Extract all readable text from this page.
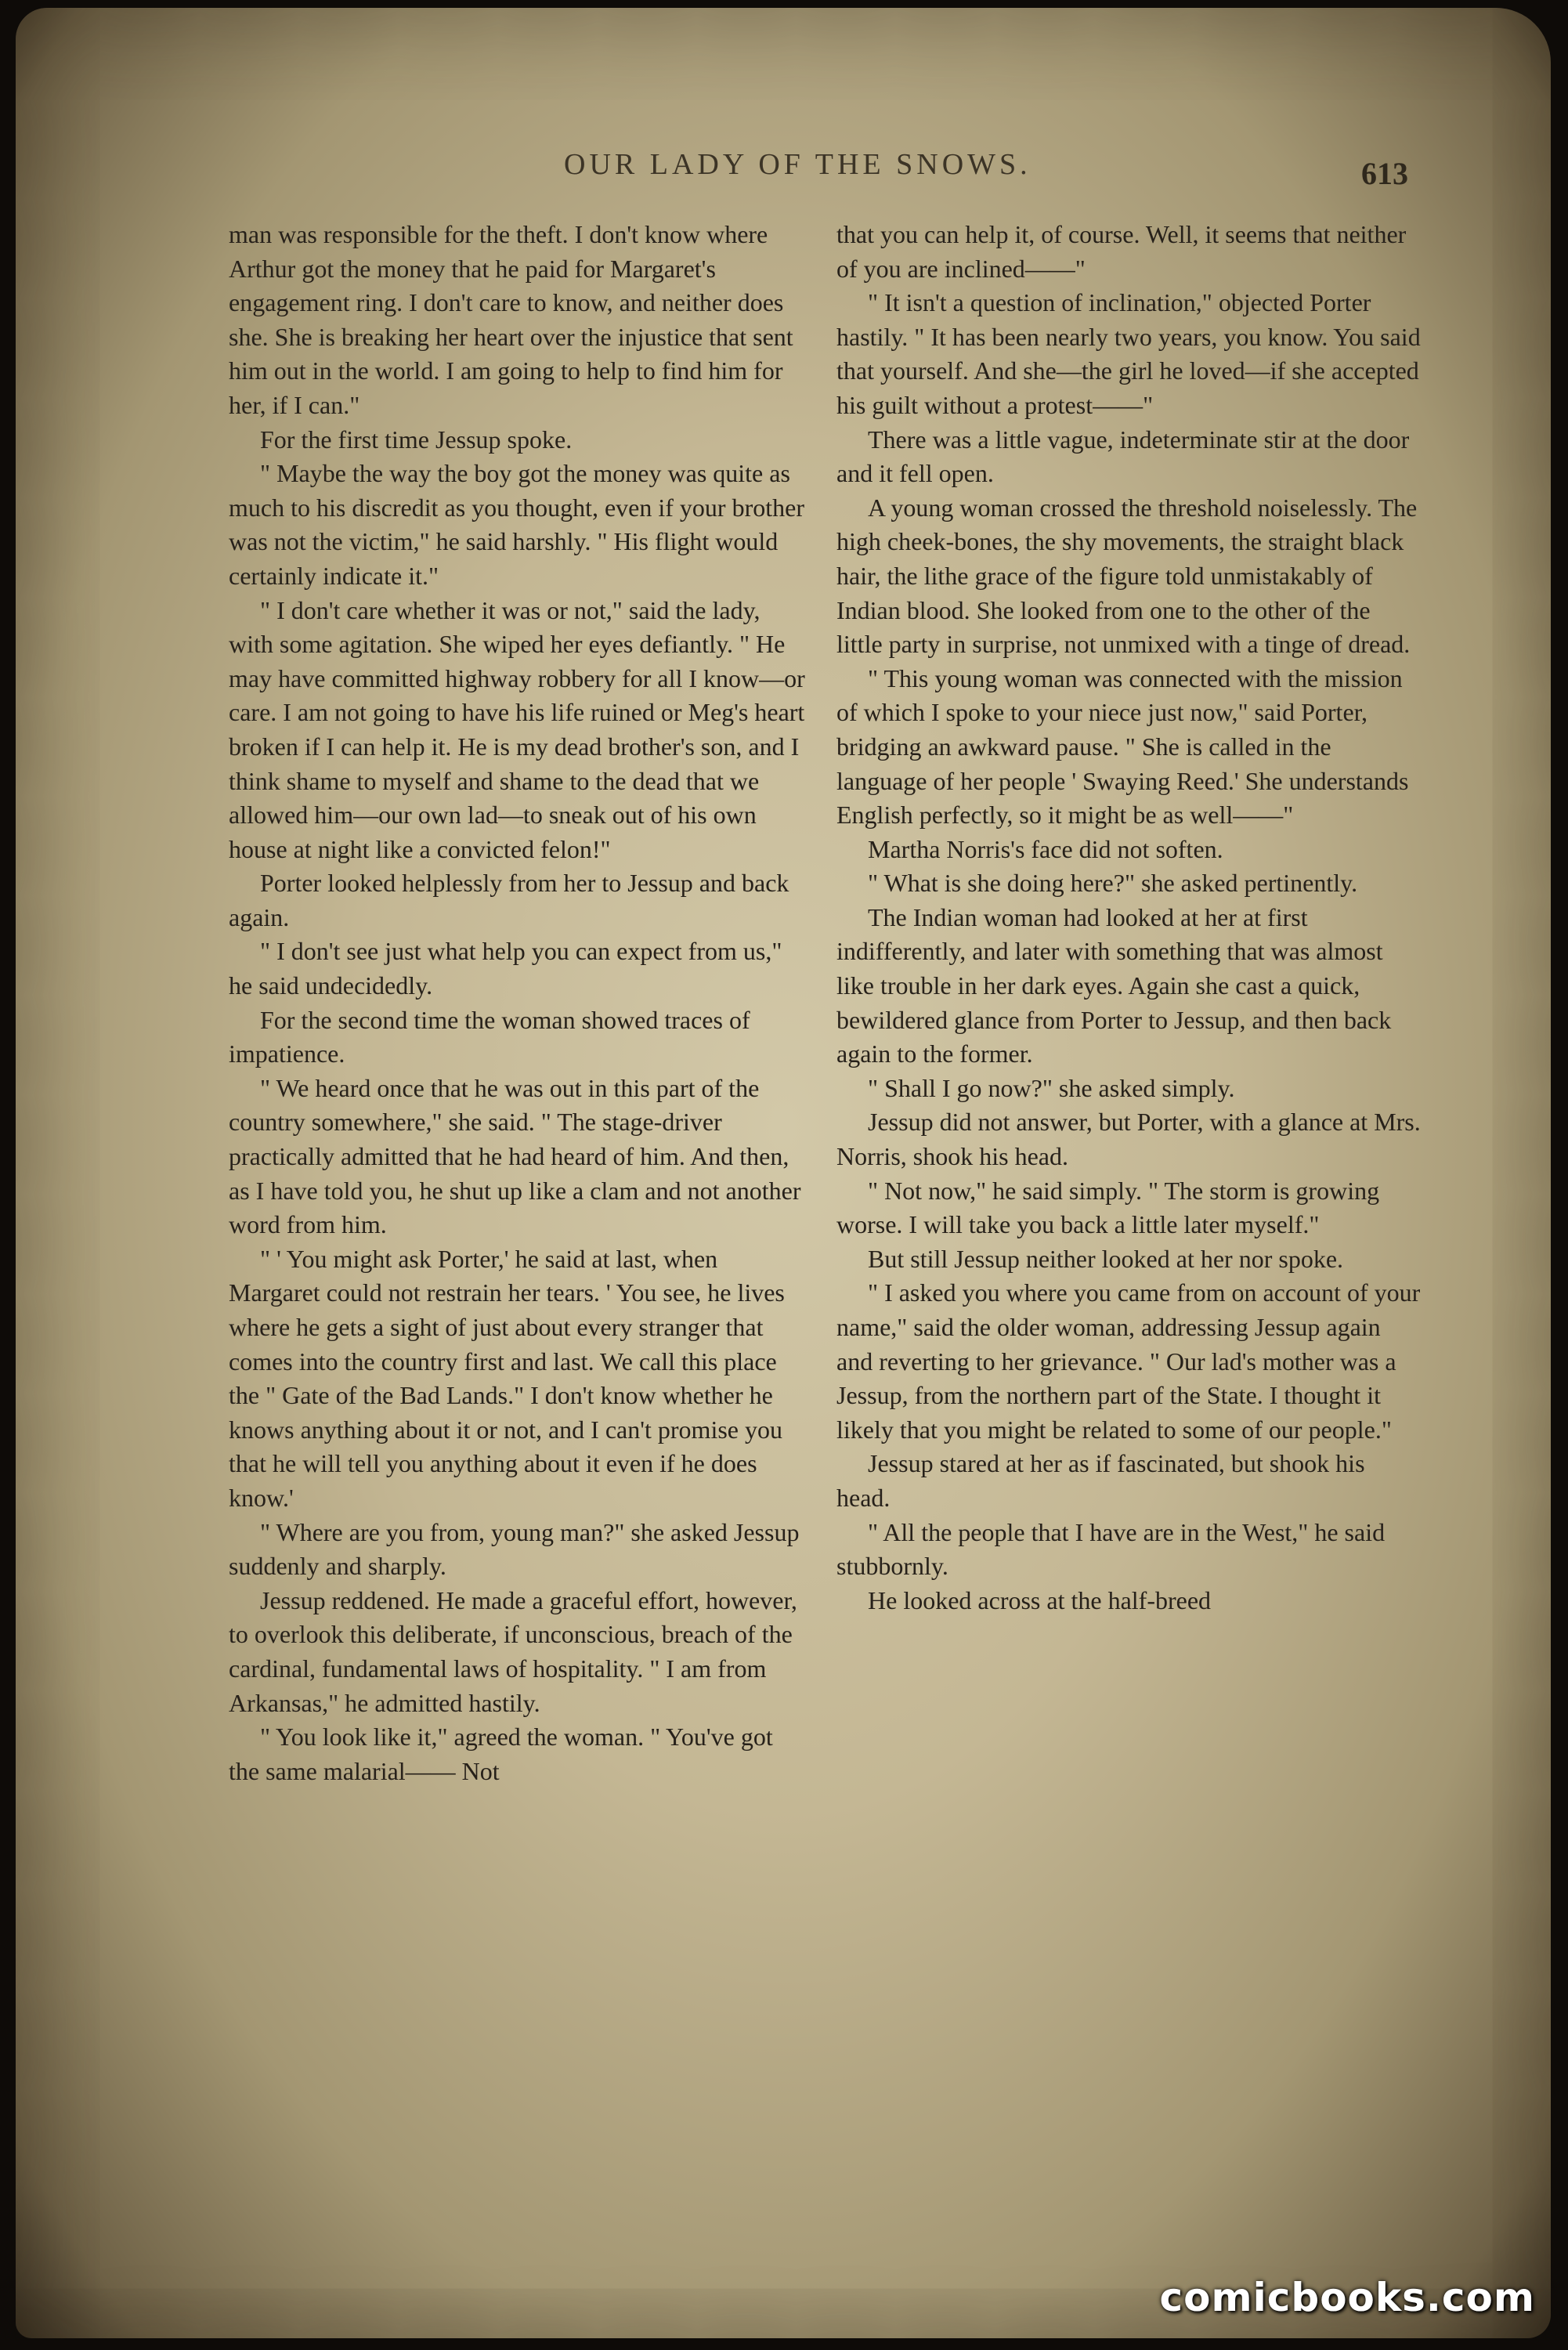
OUR LADY OF THE SNOWS.	613

man was responsible for the theft. I don't know where Arthur got the money that he paid for Margaret's engagement ring. I don't care to know, and neither does she. She is breaking her heart over the injustice that sent him out in the world. I am going to help to find him for her, if I can."

For the first time Jessup spoke.

" Maybe the way the boy got the money was quite as much to his discredit as you thought, even if your brother was not the victim," he said harshly. " His flight would certainly indicate it."

" I don't care whether it was or not," said the lady, with some agitation. She wiped her eyes defiantly. " He may have committed highway robbery for all I know—or care. I am not going to have his life ruined or Meg's heart broken if I can help it. He is my dead brother's son, and I think shame to myself and shame to the dead that we allowed him—our own lad—to sneak out of his own house at night like a convicted felon!"

Porter looked helplessly from her to Jessup and back again.

" I don't see just what help you can expect from us," he said undecidedly.

For the second time the woman showed traces of impatience.

" We heard once that he was out in this part of the country somewhere," she said. " The stage-driver practically admitted that he had heard of him. And then, as I have told you, he shut up like a clam and not another word from him.

" ' You might ask Porter,' he said at last, when Margaret could not restrain her tears. ' You see, he lives where he gets a sight of just about every stranger that comes into the country first and last. We call this place the " Gate of the Bad Lands." I don't know whether he knows anything about it or not, and I can't promise you that he will tell you anything about it even if he does know.'

" Where are you from, young man?" she asked Jessup suddenly and sharply.

Jessup reddened. He made a graceful effort, however, to overlook this deliberate, if unconscious, breach of the cardinal, fundamental laws of hospitality. " I am from Arkansas," he admitted hastily.

" You look like it," agreed the woman. " You've got the same malarial—— Not

that you can help it, of course. Well, it seems that neither of you are inclined——"

" It isn't a question of inclination," objected Porter hastily. " It has been nearly two years, you know. You said that yourself. And she—the girl he loved—if she accepted his guilt without a protest——"

There was a little vague, indeterminate stir at the door and it fell open.

A young woman crossed the threshold noiselessly. The high cheek-bones, the shy movements, the straight black hair, the lithe grace of the figure told unmistakably of Indian blood. She looked from one to the other of the little party in surprise, not unmixed with a tinge of dread.

" This young woman was connected with the mission of which I spoke to your niece just now," said Porter, bridging an awkward pause. " She is called in the language of her people ' Swaying Reed.' She understands English perfectly, so it might be as well——"

Martha Norris's face did not soften.

" What is she doing here?" she asked pertinently.

The Indian woman had looked at her at first indifferently, and later with something that was almost like trouble in her dark eyes. Again she cast a quick, bewildered glance from Porter to Jessup, and then back again to the former.

" Shall I go now?" she asked simply.

Jessup did not answer, but Porter, with a glance at Mrs. Norris, shook his head.

" Not now," he said simply. " The storm is growing worse. I will take you back a little later myself."

But still Jessup neither looked at her nor spoke.

" I asked you where you came from on account of your name," said the older woman, addressing Jessup again and reverting to her grievance. " Our lad's mother was a Jessup, from the northern part of the State. I thought it likely that you might be related to some of our people."

Jessup stared at her as if fascinated, but shook his head.

" All the people that I have are in the West," he said stubbornly.

He looked across at the half-breed

comicbooks.com
